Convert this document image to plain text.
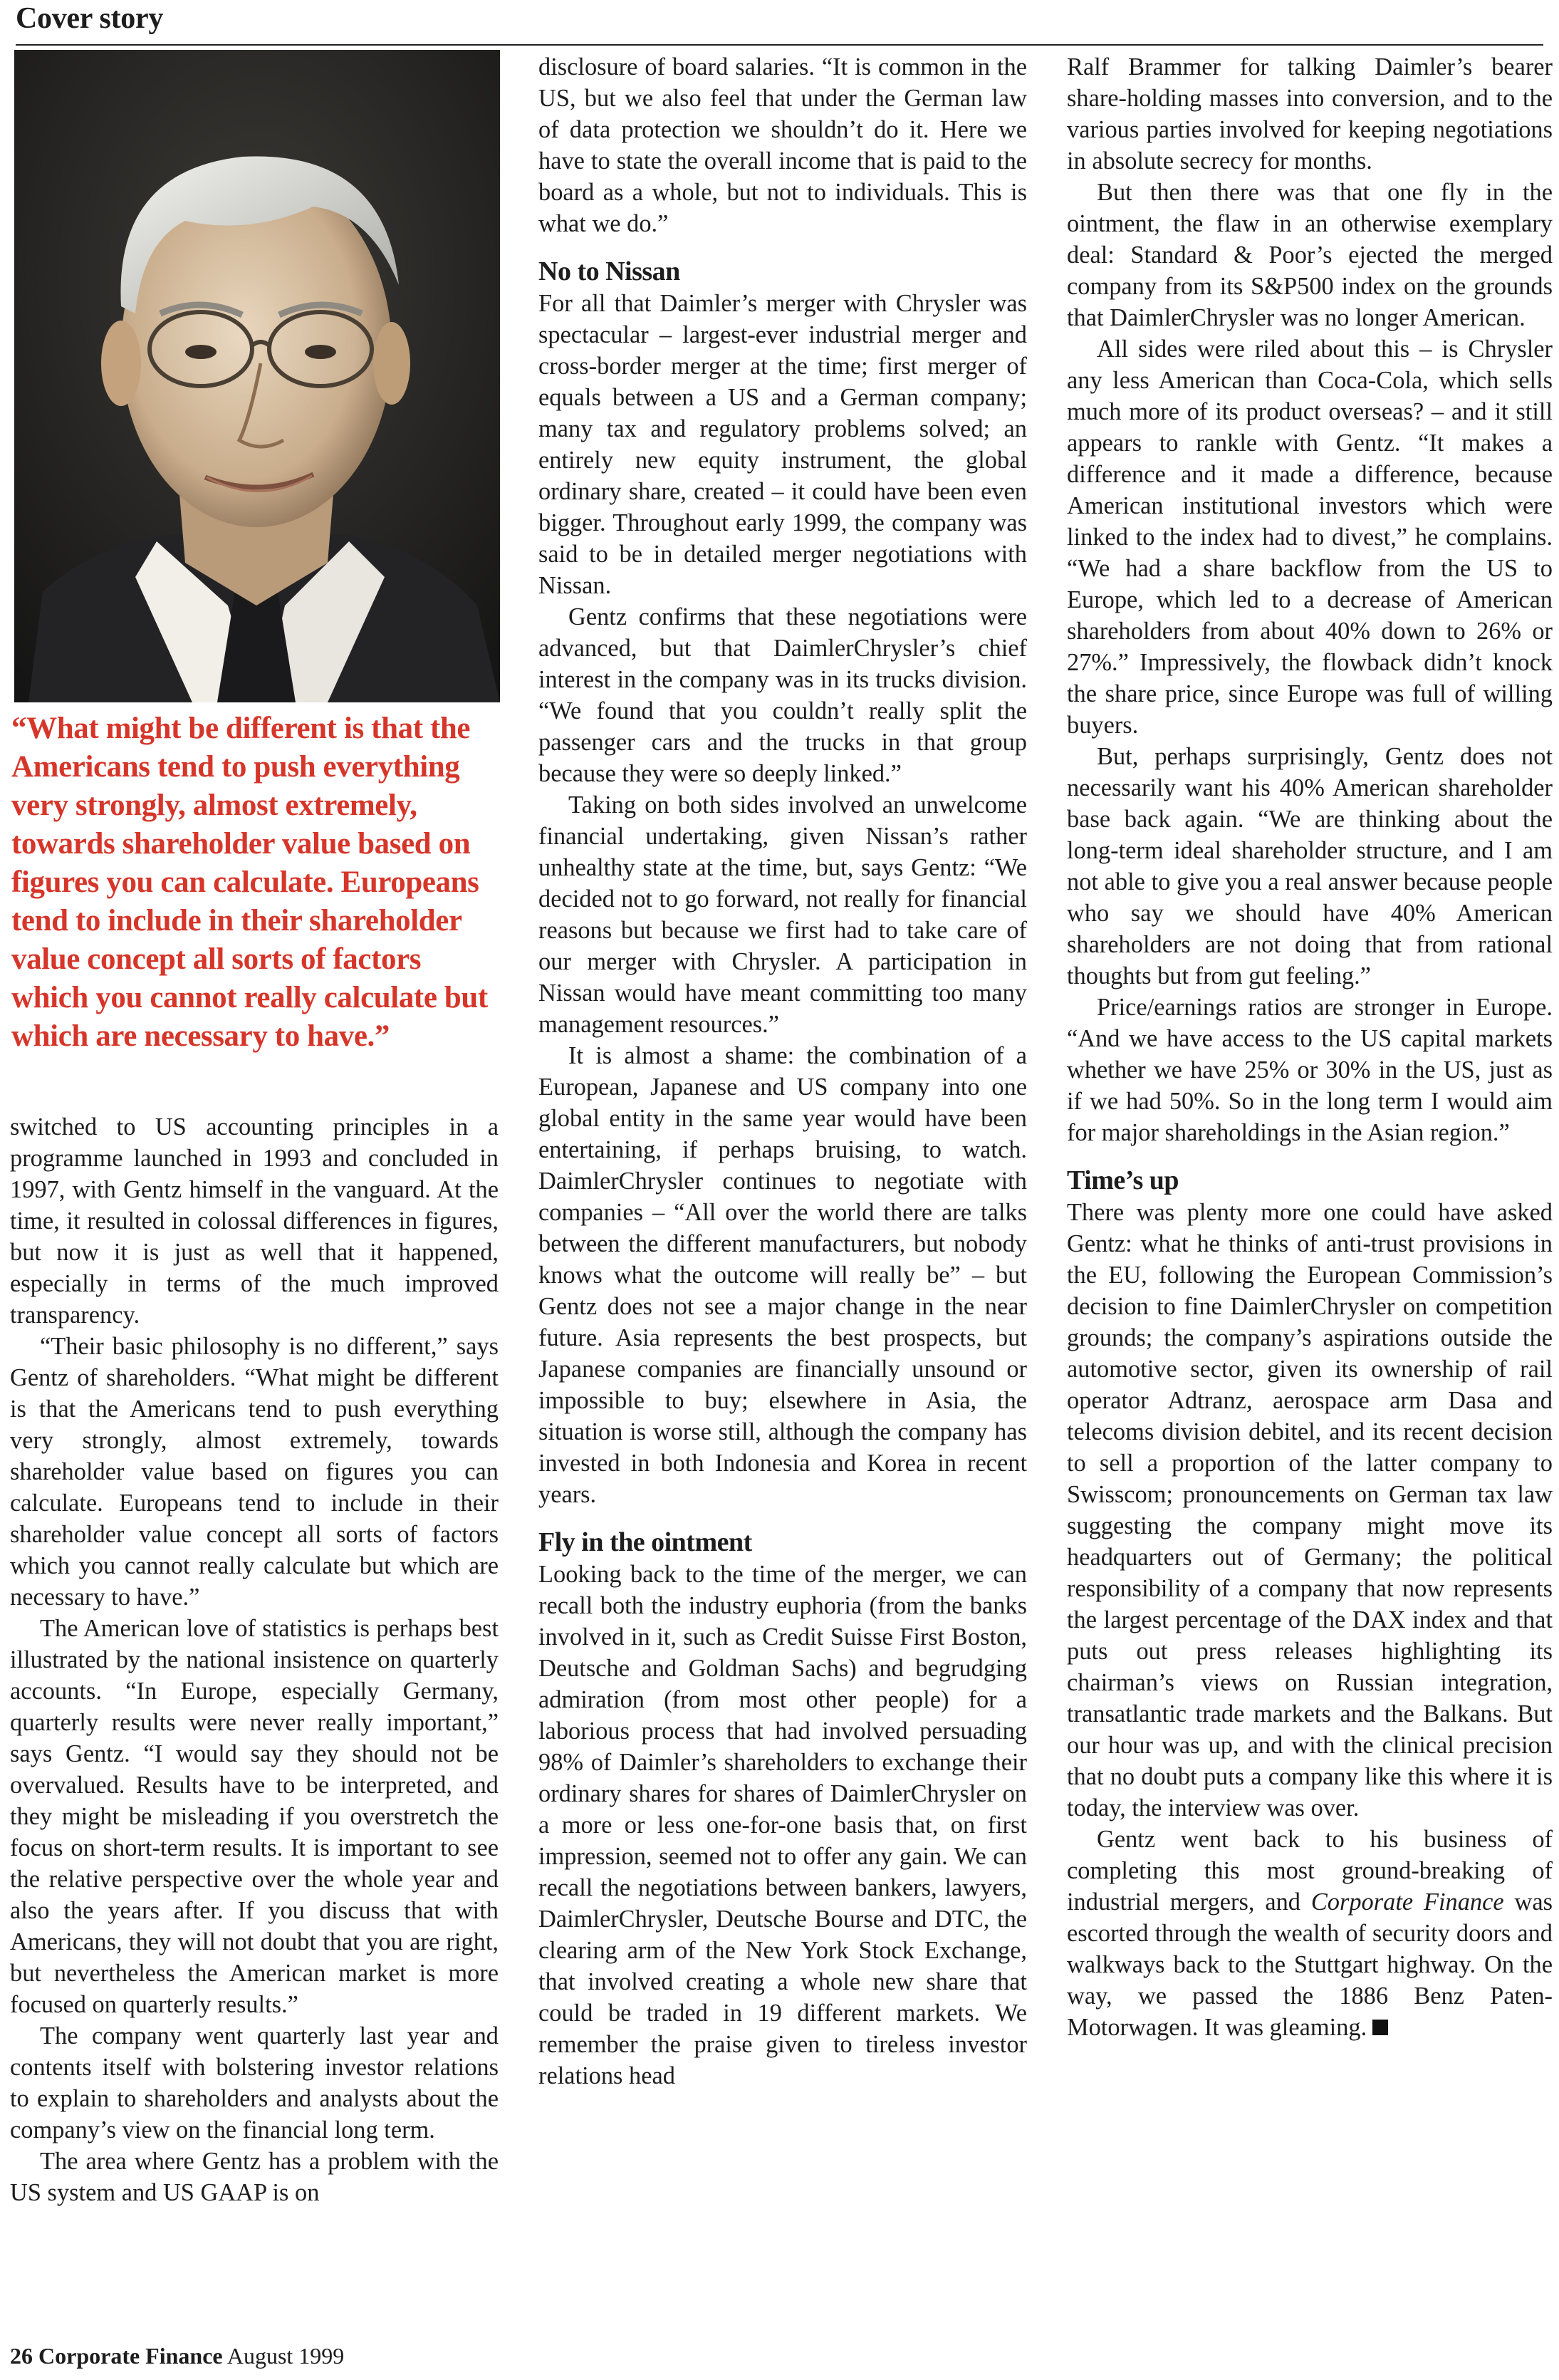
Cover story
“What might be different is that the Americans tend to push everything very strongly, almost extremely, towards shareholder value based on figures you can calculate. Europeans tend to include in their shareholder value concept all sorts of factors which you cannot really calculate but which are necessary to have.”

switched to US accounting principles in a programme launched in 1993 and concluded in 1997, with Gentz himself in the vanguard. At the time, it resulted in colossal differences in figures, but now it is just as well that it happened, especially in terms of the much improved transparency.

“Their basic philosophy is no different,” says Gentz of shareholders. “What might be different is that the Americans tend to push everything very strongly, almost extremely, towards shareholder value based on figures you can calculate. Europeans tend to include in their shareholder value concept all sorts of factors which you cannot really calculate but which are necessary to have.”

The American love of statistics is perhaps best illustrated by the national insistence on quarterly accounts. “In Europe, especially Germany, quarterly results were never really important,” says Gentz. “I would say they should not be overvalued. Results have to be interpreted, and they might be misleading if you overstretch the focus on short-term results. It is important to see the relative perspective over the whole year and also the years after. If you discuss that with Americans, they will not doubt that you are right, but nevertheless the American market is more focused on quarterly results.”

The company went quarterly last year and contents itself with bolstering investor relations to explain to shareholders and analysts about the company’s view on the financial long term.

The area where Gentz has a problem with the US system and US GAAP is on

disclosure of board salaries. “It is common in the US, but we also feel that under the German law of data protection we shouldn’t do it. Here we have to state the overall income that is paid to the board as a whole, but not to individuals. This is what we do.”

No to Nissan

For all that Daimler’s merger with Chrysler was spectacular – largest-ever industrial merger and cross-border merger at the time; first merger of equals between a US and a German company; many tax and regulatory problems solved; an entirely new equity instrument, the global ordinary share, created – it could have been even bigger. Throughout early 1999, the company was said to be in detailed merger negotiations with Nissan.

Gentz confirms that these negotiations were advanced, but that DaimlerChrysler’s chief interest in the company was in its trucks division. “We found that you couldn’t really split the passenger cars and the trucks in that group because they were so deeply linked.”

Taking on both sides involved an unwelcome financial undertaking, given Nissan’s rather unhealthy state at the time, but, says Gentz: “We decided not to go forward, not really for financial reasons but because we first had to take care of our merger with Chrysler. A participation in Nissan would have meant committing too many management resources.”

It is almost a shame: the combination of a European, Japanese and US company into one global entity in the same year would have been entertaining, if perhaps bruising, to watch. DaimlerChrysler continues to negotiate with companies – “All over the world there are talks between the different manufacturers, but nobody knows what the outcome will really be” – but Gentz does not see a major change in the near future. Asia represents the best prospects, but Japanese companies are financially unsound or impossible to buy; elsewhere in Asia, the situation is worse still, although the company has invested in both Indonesia and Korea in recent years.

Fly in the ointment

Looking back to the time of the merger, we can recall both the industry euphoria (from the banks involved in it, such as Credit Suisse First Boston, Deutsche and Goldman Sachs) and begrudging admiration (from most other people) for a laborious process that had involved persuading 98% of Daimler’s shareholders to exchange their ordinary shares for shares of DaimlerChrysler on a more or less one-for-one basis that, on first impression, seemed not to offer any gain. We can recall the negotiations between bankers, lawyers, DaimlerChrysler, Deutsche Bourse and DTC, the clearing arm of the New York Stock Exchange, that involved creating a whole new share that could be traded in 19 different markets. We remember the praise given to tireless investor relations head

Ralf Brammer for talking Daimler’s bearer share-holding masses into conversion, and to the various parties involved for keeping negotiations in absolute secrecy for months.

But then there was that one fly in the ointment, the flaw in an otherwise exemplary deal: Standard & Poor’s ejected the merged company from its S&P500 index on the grounds that DaimlerChrysler was no longer American.

All sides were riled about this – is Chrysler any less American than Coca-Cola, which sells much more of its product overseas? – and it still appears to rankle with Gentz. “It makes a difference and it made a difference, because American institutional investors which were linked to the index had to divest,” he complains. “We had a share backflow from the US to Europe, which led to a decrease of American shareholders from about 40% down to 26% or 27%.” Impressively, the flowback didn’t knock the share price, since Europe was full of willing buyers.

But, perhaps surprisingly, Gentz does not necessarily want his 40% American shareholder base back again. “We are thinking about the long-term ideal shareholder structure, and I am not able to give you a real answer because people who say we should have 40% American shareholders are not doing that from rational thoughts but from gut feeling.”

Price/earnings ratios are stronger in Europe. “And we have access to the US capital markets whether we have 25% or 30% in the US, just as if we had 50%. So in the long term I would aim for major shareholdings in the Asian region.”

Time’s up

There was plenty more one could have asked Gentz: what he thinks of anti-trust provisions in the EU, following the European Commission’s decision to fine DaimlerChrysler on competition grounds; the company’s aspirations outside the automotive sector, given its ownership of rail operator Adtranz, aerospace arm Dasa and telecoms division debitel, and its recent decision to sell a proportion of the latter company to Swisscom; pronouncements on German tax law suggesting the company might move its headquarters out of Germany; the political responsibility of a company that now represents the largest percentage of the DAX index and that puts out press releases highlighting its chairman’s views on Russian integration, transatlantic trade markets and the Balkans. But our hour was up, and with the clinical precision that no doubt puts a company like this where it is today, the interview was over.

Gentz went back to his business of completing this most ground-breaking of industrial mergers, and Corporate Finance was escorted through the wealth of security doors and walkways back to the Stuttgart highway. On the way, we passed the 1886 Benz Paten-Motorwagen. It was gleaming.

26 Corporate Finance August 1999
